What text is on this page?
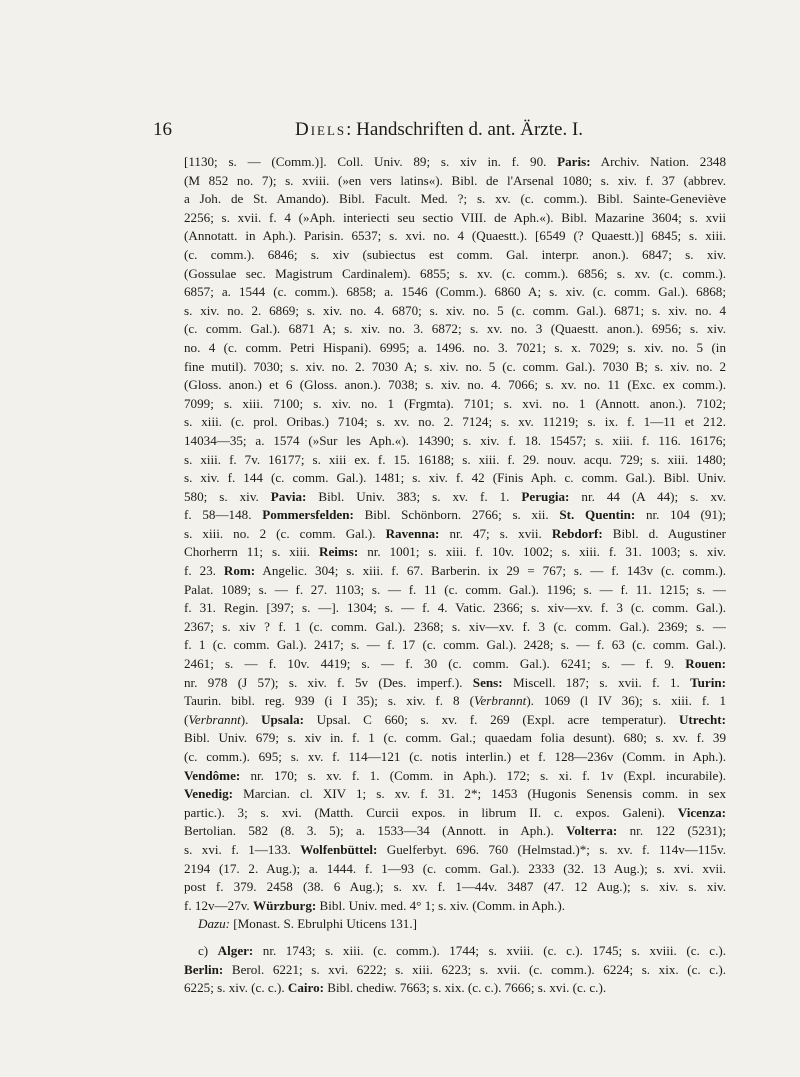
16	Diels: Handschriften d. ant. Ärzte. I.
[1130; s. — (Comm.)]. Coll. Univ. 89; s. xiv in. f. 90. Paris: Archiv. Nation. 2348
(M 852 no. 7); s. xviii. (»en vers latins«). Bibl. de l'Arsenal 1080; s. xiv. f. 37 (abbrev.
a Joh. de St. Amando). Bibl. Facult. Med. ?; s. xv. (c. comm.). Bibl. Sainte-Geneviève
2256; s. xvii. f. 4 (»Aph. interiecti seu sectio VIII. de Aph.«). Bibl. Mazarine 3604; s. xvii
(Annotatt. in Aph.). Parisin. 6537; s. xvi. no. 4 (Quaestt.). [6549 (? Quaestt.)] 6845; s. xiii.
(c. comm.). 6846; s. xiv (subiectus est comm. Gal. interpr. anon.). 6847; s. xiv.
(Gossulae sec. Magistrum Cardinalem). 6855; s. xv. (c. comm.). 6856; s. xv. (c. comm.).
6857; a. 1544 (c. comm.). 6858; a. 1546 (Comm.). 6860 A; s. xiv. (c. comm. Gal.). 6868;
s. xiv. no. 2. 6869; s. xiv. no. 4. 6870; s. xiv. no. 5 (c. comm. Gal.). 6871; s. xiv. no. 4
(c. comm. Gal.). 6871 A; s. xiv. no. 3. 6872; s. xv. no. 3 (Quaestt. anon.). 6956; s. xiv.
no. 4 (c. comm. Petri Hispani). 6995; a. 1496. no. 3. 7021; s. x. 7029; s. xiv. no. 5 (in
fine mutil). 7030; s. xiv. no. 2. 7030 A; s. xiv. no. 5 (c. comm. Gal.). 7030 B; s. xiv. no. 2
(Gloss. anon.) et 6 (Gloss. anon.). 7038; s. xiv. no. 4. 7066; s. xv. no. 11 (Exc. ex comm.).
7099; s. xiii. 7100; s. xiv. no. 1 (Frgmta). 7101; s. xvi. no. 1 (Annott. anon.). 7102;
s. xiii. (c. prol. Oribas.) 7104; s. xv. no. 2. 7124; s. xv. 11219; s. ix. f. 1—11 et 212.
14034—35; a. 1574 (»Sur les Aph.«). 14390; s. xiv. f. 18. 15457; s. xiii. f. 116. 16176;
s. xiii. f. 7v. 16177; s. xiii ex. f. 15. 16188; s. xiii. f. 29. nouv. acqu. 729; s. xiii. 1480;
s. xiv. f. 144 (c. comm. Gal.). 1481; s. xiv. f. 42 (Finis Aph. c. comm. Gal.). Bibl. Univ.
580; s. xiv. Pavia: Bibl. Univ. 383; s. xv. f. 1. Perugia: nr. 44 (A 44); s. xv.
f. 58—148. Pommersfelden: Bibl. Schönborn. 2766; s. xii. St. Quentin: nr. 104 (91);
s. xiii. no. 2 (c. comm. Gal.). Ravenna: nr. 47; s. xvii. Rebdorf: Bibl. d. Augustiner
Chorherrn 11; s. xiii. Reims: nr. 1001; s. xiii. f. 10v. 1002; s. xiii. f. 31. 1003; s. xiv.
f. 23. Rom: Angelic. 304; s. xiii. f. 67. Barberin. ix 29 = 767; s. — f. 143v (c. comm.).
Palat. 1089; s. — f. 27. 1103; s. — f. 11 (c. comm. Gal.). 1196; s. — f. 11. 1215; s. —
f. 31. Regin. [397; s. —]. 1304; s. — f. 4. Vatic. 2366; s. xiv—xv. f. 3 (c. comm. Gal.).
2367; s. xiv ? f. 1 (c. comm. Gal.). 2368; s. xiv—xv. f. 3 (c. comm. Gal.). 2369; s. —
f. 1 (c. comm. Gal.). 2417; s. — f. 17 (c. comm. Gal.). 2428; s. — f. 63 (c. comm. Gal.).
2461; s. — f. 10v. 4419; s. — f. 30 (c. comm. Gal.). 6241; s. — f. 9. Rouen:
nr. 978 (J 57); s. xiv. f. 5v (Des. imperf.). Sens: Miscell. 187; s. xvii. f. 1. Turin:
Taurin. bibl. reg. 939 (i I 35); s. xiv. f. 8 (Verbrannt). 1069 (l IV 36); s. xiii. f. 1
(Verbrannt). Upsala: Upsal. C 660; s. xv. f. 269 (Expl. acre temperatur). Utrecht:
Bibl. Univ. 679; s. xiv in. f. 1 (c. comm. Gal.; quaedam folia desunt). 680; s. xv. f. 39
(c. comm.). 695; s. xv. f. 114—121 (c. notis interlin.) et f. 128—236v (Comm. in Aph.).
Vendôme: nr. 170; s. xv. f. 1. (Comm. in Aph.). 172; s. xi. f. 1v (Expl. incurabile).
Venedig: Marcian. cl. XIV 1; s. xv. f. 31. 2*; 1453 (Hugonis Senensis comm. in sex
partic.). 3; s. xvi. (Matth. Curcii expos. in librum II. c. expos. Galeni). Vicenza:
Bertolian. 582 (8. 3. 5); a. 1533—34 (Annott. in Aph.). Volterra: nr. 122 (5231);
s. xvi. f. 1—133. Wolfenbüttel: Guelferbyt. 696. 760 (Helmstad.)*; s. xv. f. 114v—115v.
2194 (17. 2. Aug.); a. 1444. f. 1—93 (c. comm. Gal.). 2333 (32. 13 Aug.); s. xvi. xvii.
post f. 379. 2458 (38. 6 Aug.); s. xv. f. 1—44v. 3487 (47. 12 Aug.); s. xiv. s. xiv.
f. 12v—27v. Würzburg: Bibl. Univ. med. 4° 1; s. xiv. (Comm. in Aph.).
Dazu: [Monast. S. Ebrulphi Uticens 131.]
c) Alger: nr. 1743; s. xiii. (c. comm.). 1744; s. xviii. (c. c.). 1745; s. xviii. (c. c.).
Berlin: Berol. 6221; s. xvi. 6222; s. xiii. 6223; s. xvii. (c. comm.). 6224; s. xix. (c. c.).
6225; s. xiv. (c. c.). Cairo: Bibl. chediw. 7663; s. xix. (c. c.). 7666; s. xvi. (c. c.).
